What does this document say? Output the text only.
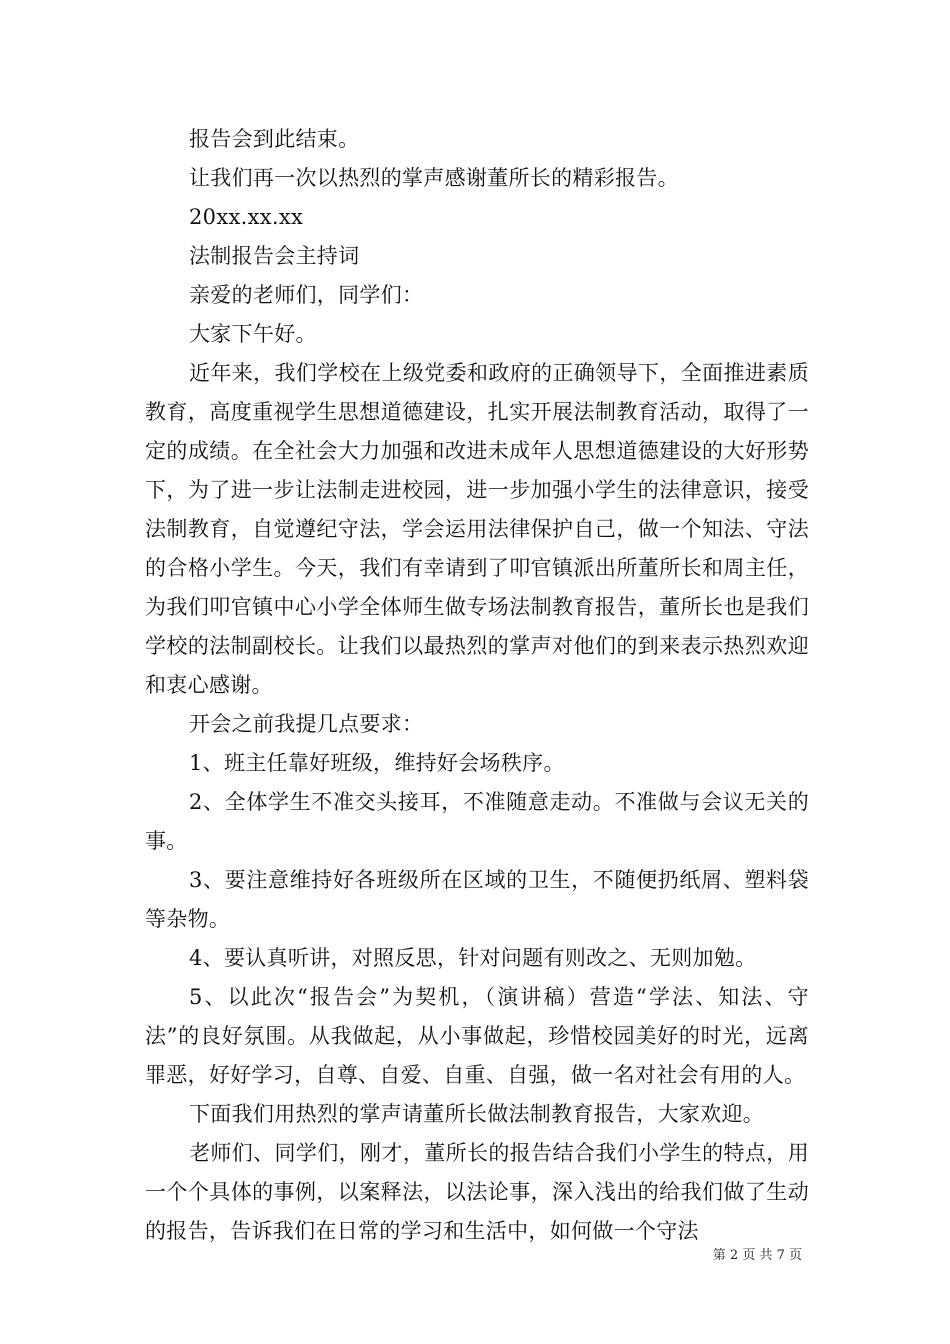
报告会到此结束。

让我们再一次以热烈的掌声感谢董所长的精彩报告。

20xx.xx.xx

法制报告会主持词

亲爱的老师们，同学们：

大家下午好。

近年来，我们学校在上级党委和政府的正确领导下，全面推进素质教育，高度重视学生思想道德建设，扎实开展法制教育活动，取得了一定的成绩。在全社会大力加强和改进未成年人思想道德建设的大好形势下，为了进一步让法制走进校园，进一步加强小学生的法律意识，接受法制教育，自觉遵纪守法，学会运用法律保护自己，做一个知法、守法的合格小学生。今天，我们有幸请到了叩官镇派出所董所长和周主任，为我们叩官镇中心小学全体师生做专场法制教育报告，董所长也是我们学校的法制副校长。让我们以最热烈的掌声对他们的到来表示热烈欢迎和衷心感谢。

开会之前我提几点要求：

1、班主任靠好班级，维持好会场秩序。

2、全体学生不准交头接耳，不准随意走动。不准做与会议无关的事。

3、要注意维持好各班级所在区域的卫生，不随便扔纸屑、塑料袋等杂物。

4、要认真听讲，对照反思，针对问题有则改之、无则加勉。

5、以此次“报告会”为契机，（演讲稿）营造“学法、知法、守法”的良好氛围。从我做起，从小事做起，珍惜校园美好的时光，远离罪恶，好好学习，自尊、自爱、自重、自强，做一名对社会有用的人。

下面我们用热烈的掌声请董所长做法制教育报告，大家欢迎。

老师们、同学们，刚才，董所长的报告结合我们小学生的特点，用一个个具体的事例，以案释法，以法论事，深入浅出的给我们做了生动的报告，告诉我们在日常的学习和生活中，如何做一个守法

第 2 页 共 7 页
